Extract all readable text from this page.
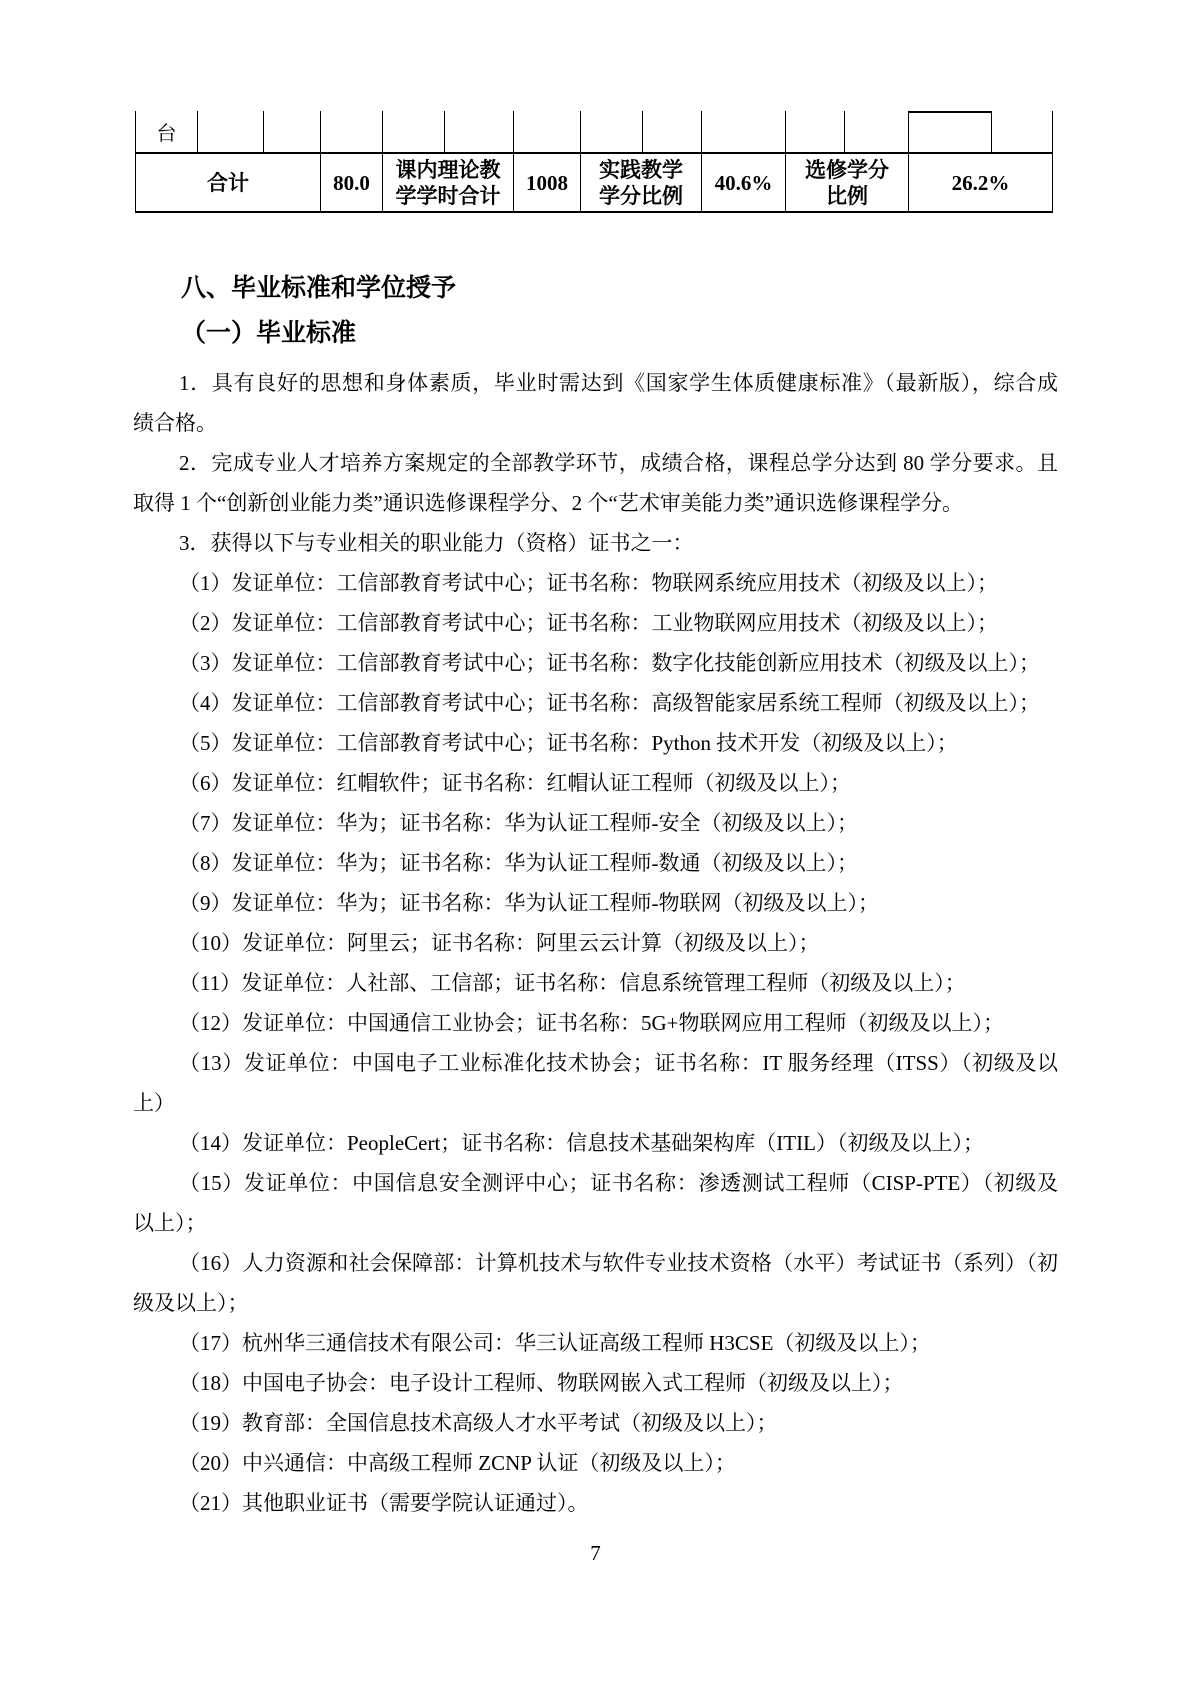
台
合计	80.0
课内理论教
学学时合计
1008
实践教学
学分比例
40.6%
选修学分
比例
26.2%
八、毕业标准和学位授予
（一）毕业标准
1．具有良好的思想和身体素质，毕业时需达到《国家学生体质健康标准》（最新版），综合成
绩合格。
2．完成专业人才培养方案规定的全部教学环节，成绩合格，课程总学分达到 80 学分要求。且
取得 1 个“创新创业能力类”通识选修课程学分、2 个“艺术审美能力类”通识选修课程学分。
3．获得以下与专业相关的职业能力（资格）证书之一：
（1）发证单位：工信部教育考试中心；证书名称：物联网系统应用技术（初级及以上）；
（2）发证单位：工信部教育考试中心；证书名称：工业物联网应用技术（初级及以上）；
（3）发证单位：工信部教育考试中心；证书名称：数字化技能创新应用技术（初级及以上）；
（4）发证单位：工信部教育考试中心；证书名称：高级智能家居系统工程师（初级及以上）；
（5）发证单位：工信部教育考试中心；证书名称：Python 技术开发（初级及以上）；
（6）发证单位：红帽软件；证书名称：红帽认证工程师（初级及以上）；
（7）发证单位：华为；证书名称：华为认证工程师-安全（初级及以上）；
（8）发证单位：华为；证书名称：华为认证工程师-数通（初级及以上）；
（9）发证单位：华为；证书名称：华为认证工程师-物联网（初级及以上）；
（10）发证单位：阿里云；证书名称：阿里云云计算（初级及以上）；
（11）发证单位：人社部、工信部；证书名称：信息系统管理工程师（初级及以上）；
（12）发证单位：中国通信工业协会；证书名称：5G+物联网应用工程师（初级及以上）；
（13）发证单位：中国电子工业标准化技术协会；证书名称：IT 服务经理（ITSS）（初级及以
上）
（14）发证单位：PeopleCert；证书名称：信息技术基础架构库（ITIL）（初级及以上）；
（15）发证单位：中国信息安全测评中心；证书名称：渗透测试工程师（CISP-PTE）（初级及
以上）；
（16）人力资源和社会保障部：计算机技术与软件专业技术资格（水平）考试证书（系列）（初
级及以上）；
（17）杭州华三通信技术有限公司：华三认证高级工程师 H3CSE（初级及以上）；
（18）中国电子协会：电子设计工程师、物联网嵌入式工程师（初级及以上）；
（19）教育部：全国信息技术高级人才水平考试（初级及以上）；
（20）中兴通信：中高级工程师 ZCNP 认证（初级及以上）；
（21）其他职业证书（需要学院认证通过）。
7
